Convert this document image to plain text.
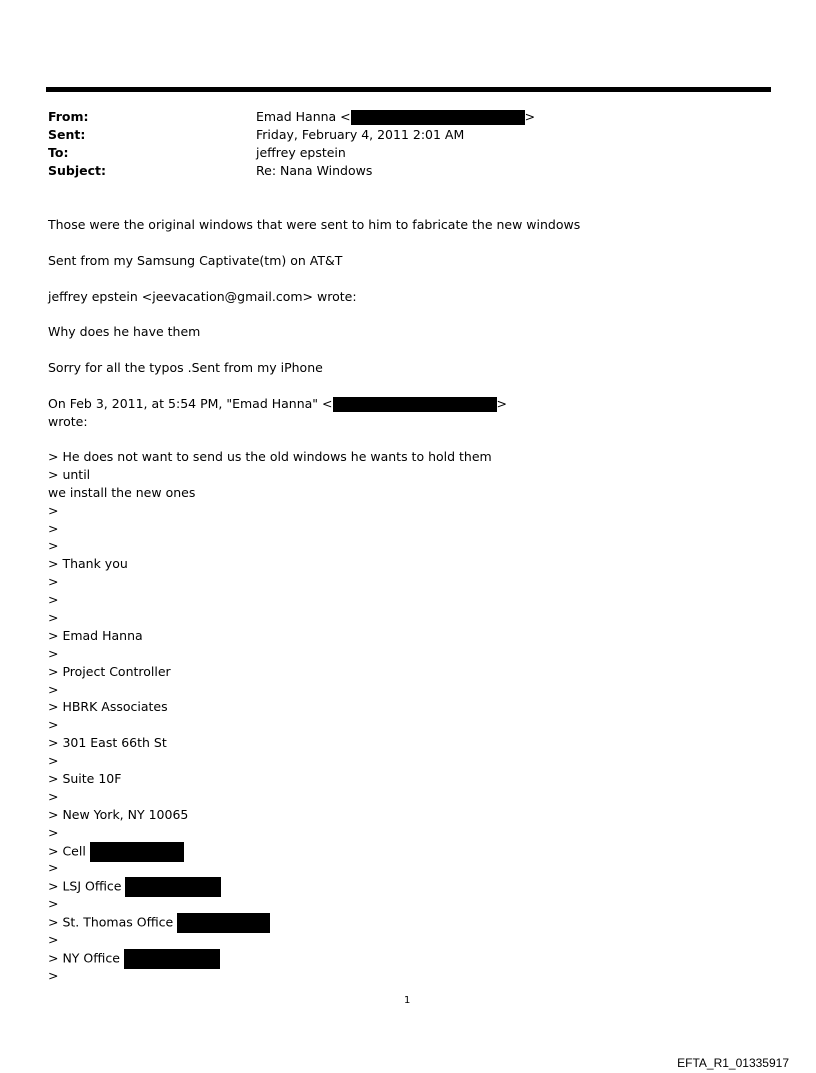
From:	Emad Hanna <	>
Sent:	Friday, February 4, 2011 2:01 AM
To:	jeffrey epstein
Subject:	Re: Nana Windows
Those were the original windows that were sent to him to fabricate the new windows
Sent from my Samsung Captivate(tm) on AT&T
jeffrey epstein <jeevacation@gmail.com> wrote:
Why does he have them
Sorry for all the typos .Sent from my iPhone
On Feb 3, 2011, at 5:54 PM, "Emad Hanna" <	>
wrote:
> He does not want to send us the old windows he wants to hold them
> until
we install the new ones
>
>
>
> Thank you
>
>
>
> Emad Hanna
>
> Project Controller
>
> HBRK Associates
>
> 301 East 66th St
>
> Suite 10F
>
> New York, NY 10065
>
> Cell
>
> LSJ Office
>
> St. Thomas Office
>
> NY Office
>
1
EFTA_R1_01335917
